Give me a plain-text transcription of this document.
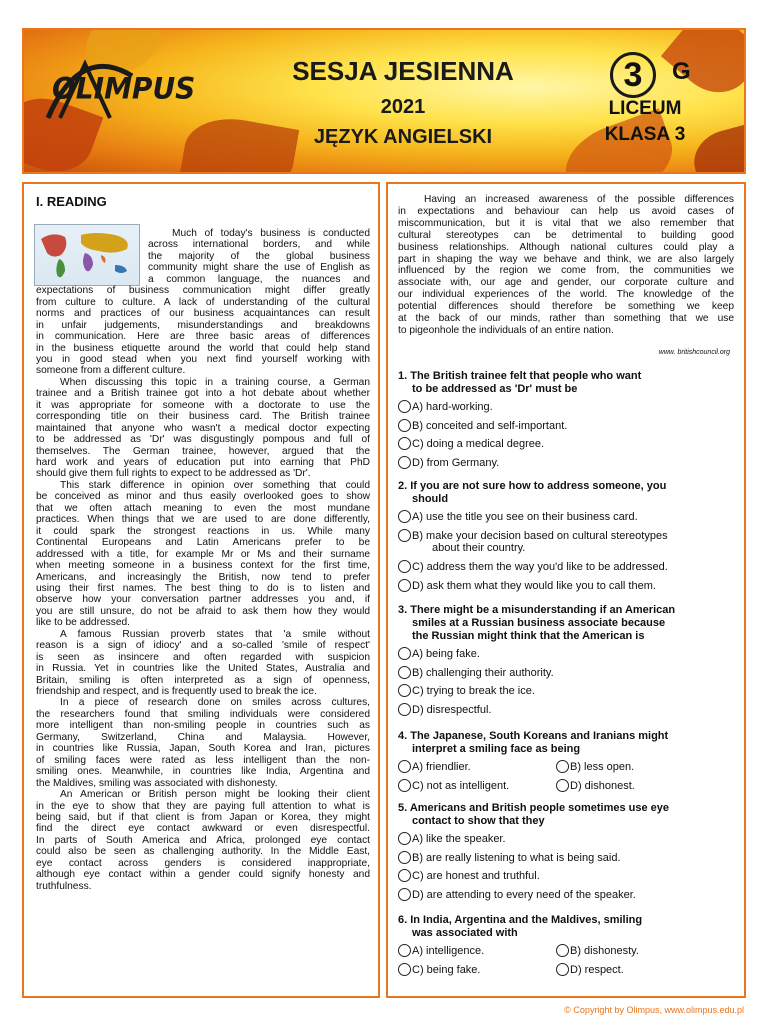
OLIMPUS
SESJA JESIENNA
2021
JĘZYK ANGIELSKI
3	G
LICEUM
KLASA 3
I. READING
Much of today's business is conducted
across international borders, and while
the majority of the global business
community might share the use of English as
a common language, the nuances and
expectations of business communication might differ greatly
from culture to culture. A lack of understanding of the cultural
norms and practices of our business acquaintances can result
in unfair judgements, misunderstandings and breakdowns
in communication. Here are three basic areas of differences
in the business etiquette around the world that could help stand
you in good stead when you next find yourself working with
someone from a different culture.
When discussing this topic in a training course, a German
trainee and a British trainee got into a hot debate about whether
it was appropriate for someone with a doctorate to use the
corresponding title on their business card. The British trainee
maintained that anyone who wasn't a medical doctor expecting
to be addressed as 'Dr' was disgustingly pompous and full of
themselves. The German trainee, however, argued that the
hard work and years of education put into earning that PhD
should give them full rights to expect to be addressed as 'Dr'.
This stark difference in opinion over something that could
be conceived as minor and thus easily overlooked goes to show
that we often attach meaning to even the most mundane
practices. When things that we are used to are done differently,
it could spark the strongest reactions in us. While many
Continental Europeans and Latin Americans prefer to be
addressed with a title, for example Mr or Ms and their surname
when meeting someone in a business context for the first time,
Americans, and increasingly the British, now tend to prefer
using their first names. The best thing to do is to listen and
observe how your conversation partner addresses you and, if
you are still unsure, do not be afraid to ask them how they would
like to be addressed.
A famous Russian proverb states that 'a smile without
reason is a sign of idiocy' and a so-called 'smile of respect'
is seen as insincere and often regarded with suspicion
in Russia. Yet in countries like the United States, Australia and
Britain, smiling is often interpreted as a sign of openness,
friendship and respect, and is frequently used to break the ice.
In a piece of research done on smiles across cultures,
the researchers found that smiling individuals were considered
more intelligent than non-smiling people in countries such as
Germany, Switzerland, China and Malaysia. However,
in countries like Russia, Japan, South Korea and Iran, pictures
of smiling faces were rated as less intelligent than the non-
smiling ones. Meanwhile, in countries like India, Argentina and
the Maldives, smiling was associated with dishonesty.
An American or British person might be looking their client
in the eye to show that they are paying full attention to what is
being said, but if that client is from Japan or Korea, they might
find the direct eye contact awkward or even disrespectful.
In parts of South America and Africa, prolonged eye contact
could also be seen as challenging authority. In the Middle East,
eye contact across genders is considered inappropriate,
although eye contact within a gender could signify honesty and
truthfulness.
Having an increased awareness of the possible differences
in expectations and behaviour can help us avoid cases of
miscommunication, but it is vital that we also remember that
cultural stereotypes can be detrimental to building good
business relationships. Although national cultures could play a
part in shaping the way we behave and think, we are also largely
influenced by the region we come from, the communities we
associate with, our age and gender, our corporate culture and
our individual experiences of the world. The knowledge of the
potential differences should therefore be something we keep
at the back of our minds, rather than something that we use
to pigeonhole the individuals of an entire nation.
www. britishcouncil.org
1. The British trainee felt that people who want
to be addressed as 'Dr' must be
A) hard-working.
B) conceited and self-important.
C) doing a medical degree.
D) from Germany.
2. If you are not sure how to address someone, you
should
A) use the title you see on their business card.
B) make your decision based on cultural stereotypes
about their country.
C) address them the way you'd like to be addressed.
D) ask them what they would like you to call them.
3. There might be a misunderstanding if an American
smiles at a Russian business associate because
the Russian might think that the American is
A) being fake.
B) challenging their authority.
C) trying to break the ice.
D) disrespectful.
4. The Japanese, South Koreans and Iranians might
interpret a smiling face as being
A) friendlier.	B) less open.
C) not as intelligent.	D) dishonest.
5. Americans and British people sometimes use eye
contact to show that they
A) like the speaker.
B) are really listening to what is being said.
C) are honest and truthful.
D) are attending to every need of the speaker.
6. In India, Argentina and the Maldives, smiling
was associated with
A) intelligence.	B) dishonesty.
C) being fake.	D) respect.
© Copyright by Olimpus, www.olimpus.edu.pl
